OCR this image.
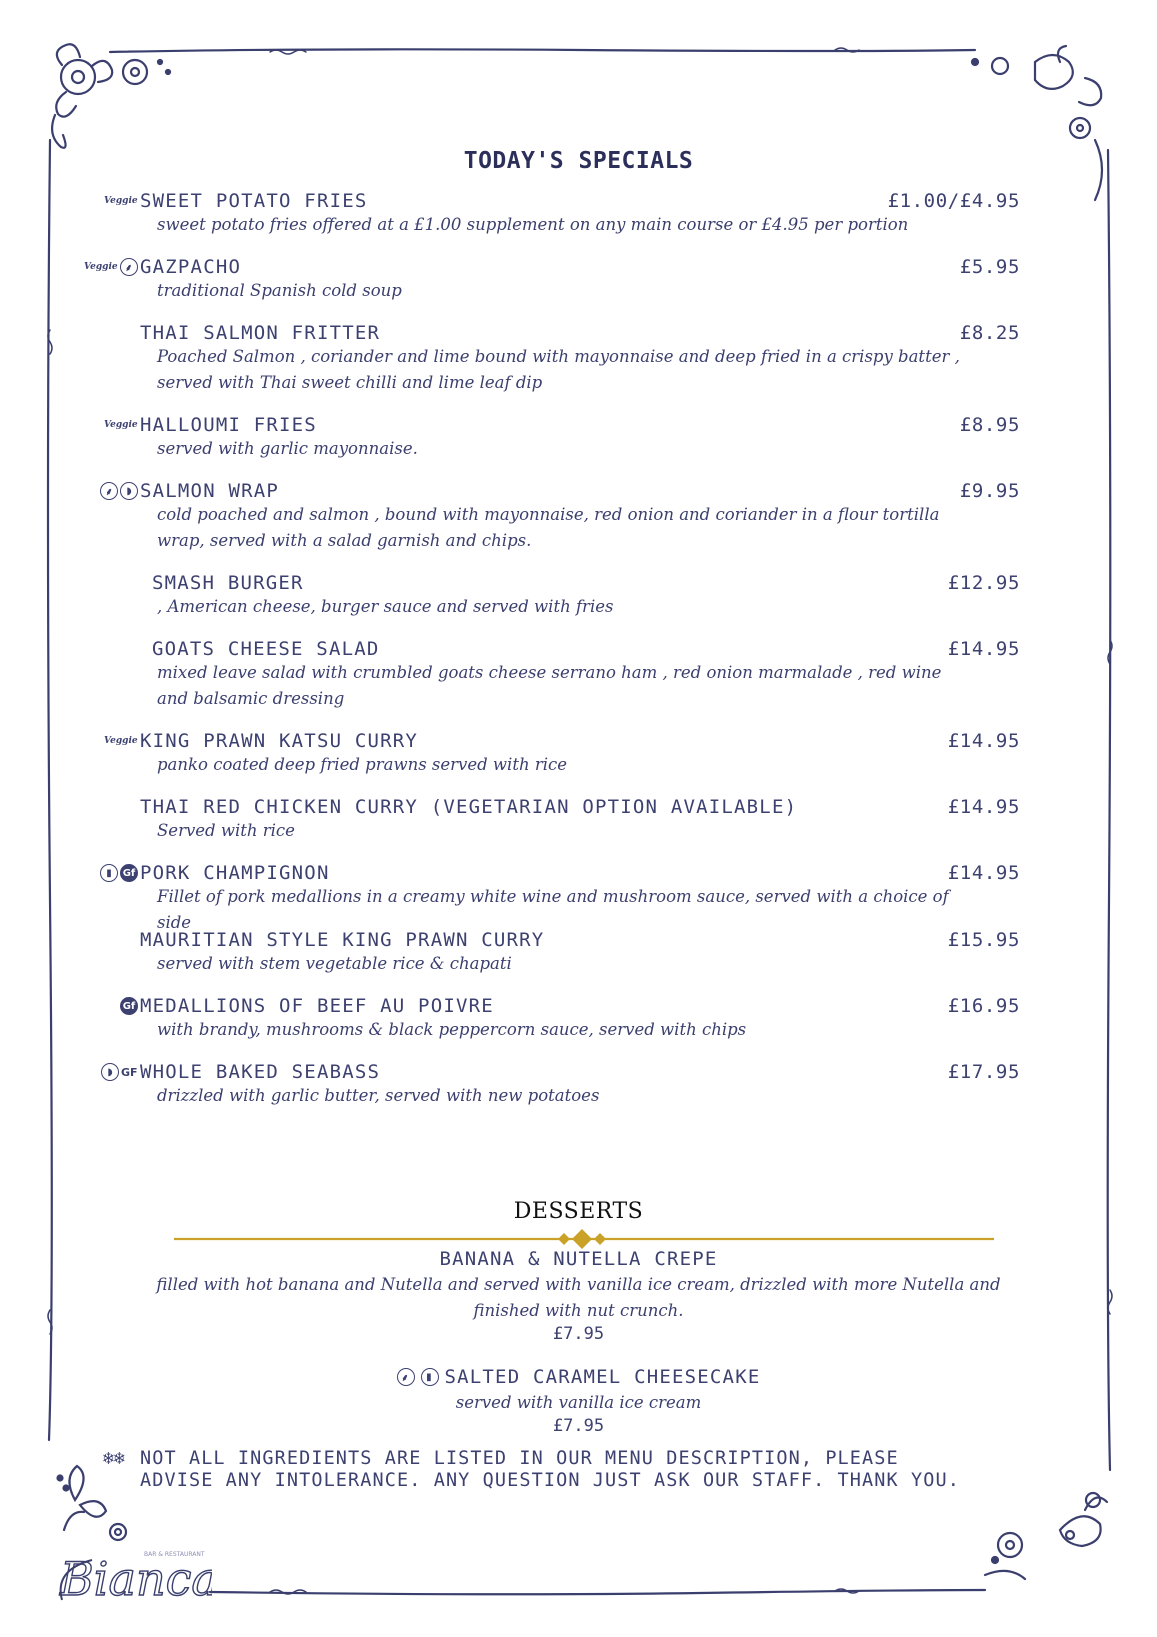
TODAY'S SPECIALS
Veggie SWEET POTATO FRIES	£1.00/£4.95
sweet potato fries offered at a £1.00 supplement on any main course or £4.95 per portion
Veggie ⸙ GAZPACHO	£5.95
traditional Spanish cold soup
THAI SALMON FRITTER	£8.25
Poached Salmon , coriander and lime bound with mayonnaise and deep fried in a crispy batter , served with Thai sweet chilli and lime leaf dip
Veggie HALLOUMI FRIES	£8.95
served with garlic mayonnaise.
⸙	◗ SALMON WRAP	£9.95
cold poached and salmon , bound with mayonnaise, red onion and coriander in a flour tortilla wrap, served with a salad garnish and chips.
SMASH BURGER	£12.95
, American cheese, burger sauce and served with fries
GOATS CHEESE SALAD	£14.95
mixed leave salad with crumbled goats cheese serrano ham , red onion marmalade , red wine and balsamic dressing
Veggie KING PRAWN KATSU CURRY	£14.95
panko coated deep fried prawns served with rice
THAI RED CHICKEN CURRY (VEGETARIAN OPTION AVAILABLE)	£14.95
Served with rice
▮	Gf PORK CHAMPIGNON	£14.95
Fillet of pork medallions in a creamy white wine and mushroom sauce, served with a choice of side
MAURITIAN STYLE KING PRAWN CURRY	£15.95
served with stem vegetable rice & chapati
Gf MEDALLIONS OF BEEF AU POIVRE	£16.95
with brandy, mushrooms & black peppercorn sauce, served with chips
◗ GF WHOLE BAKED SEABASS	£17.95
drizzled with garlic butter, served with new potatoes
DESSERTS
BANANA & NUTELLA CREPE
filled with hot banana and Nutella and served with vanilla ice cream, drizzled with more Nutella and finished with nut crunch.
£7.95
⸙	▮ SALTED CARAMEL CHEESECAKE
served with vanilla ice cream
£7.95
❄❄ NOT ALL INGREDIENTS ARE LISTED IN OUR MENU DESCRIPTION, PLEASE ADVISE ANY INTOLERANCE. ANY QUESTION JUST ASK OUR STAFF. THANK YOU.
Bianc
BAR & RESTAURANT
